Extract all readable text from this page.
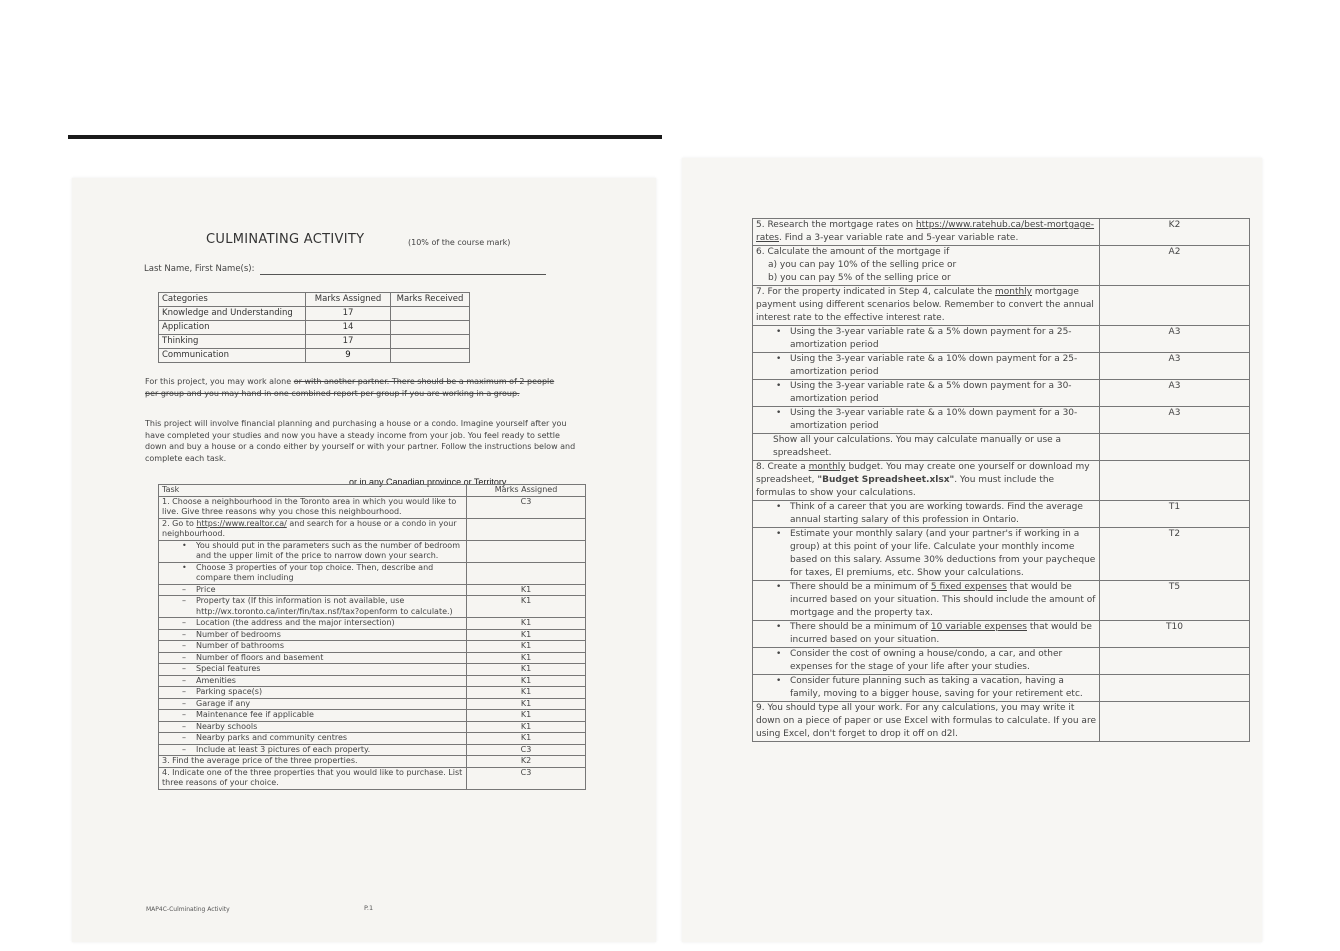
CULMINATING ACTIVITY	(10% of the course mark)
Last Name, First Name(s):
Categories	Marks Assigned	Marks Received
Knowledge and Understanding	17	
Application	14	
Thinking	17	
Communication	9	
For this project, you may work alone or with another partner. There should be a maximum of 2 people per group and you may hand in one combined report per group if you are working in a group.
This project will involve financial planning and purchasing a house or a condo. Imagine yourself after you have completed your studies and now you have a steady income from your job. You feel ready to settle down and buy a house or a condo either by yourself or with your partner. Follow the instructions below and complete each task.
or in any Canadian province or Territory
Task	Marks Assigned
1. Choose a neighbourhood in the Toronto area in which you would like to live. Give three reasons why you chose this neighbourhood.	C3
2. Go to https://www.realtor.ca/ and search for a house or a condo in your neighbourhood.	
• You should put in the parameters such as the number of bedroom and the upper limit of the price to narrow down your search.	
• Choose 3 properties of your top choice. Then, describe and compare them including	
– Price	K1
– Property tax (If this information is not available, use http://wx.toronto.ca/inter/fin/tax.nsf/tax?openform to calculate.)	K1
– Location (the address and the major intersection)	K1
– Number of bedrooms	K1
– Number of bathrooms	K1
– Number of floors and basement	K1
– Special features	K1
– Amenities	K1
– Parking space(s)	K1
– Garage if any	K1
– Maintenance fee if applicable	K1
– Nearby schools	K1
– Nearby parks and community centres	K1
– Include at least 3 pictures of each property.	C3
3. Find the average price of the three properties.	K2
4. Indicate one of the three properties that you would like to purchase. List three reasons of your choice.	C3
MAP4C-Culminating Activity	P.1
5. Research the mortgage rates on https://www.ratehub.ca/best-mortgage-rates. Find a 3-year variable rate and 5-year variable rate.	K2

6. Calculate the amount of the mortgage if
a) you can pay 10% of the selling price or
b) you can pay 5% of the selling price or	A2
7. For the property indicated in Step 4, calculate the monthly mortgage payment using different scenarios below. Remember to convert the annual interest rate to the effective interest rate.	
• Using the 3-year variable rate & a 5% down payment for a 25-amortization period	A3
• Using the 3-year variable rate & a 10% down payment for a 25-amortization period	A3
• Using the 3-year variable rate & a 5% down payment for a 30-amortization period	A3
• Using the 3-year variable rate & a 10% down payment for a 30-amortization period	A3
Show all your calculations. You may calculate manually or use a spreadsheet.	
8. Create a monthly budget. You may create one yourself or download my spreadsheet, "Budget Spreadsheet.xlsx". You must include the formulas to show your calculations.	
• Think of a career that you are working towards. Find the average annual starting salary of this profession in Ontario.	T1
• Estimate your monthly salary (and your partner's if working in a group) at this point of your life. Calculate your monthly income based on this salary. Assume 30% deductions from your paycheque for taxes, EI premiums, etc. Show your calculations.	T2
• There should be a minimum of 5 fixed expenses that would be incurred based on your situation. This should include the amount of mortgage and the property tax.	T5
• There should be a minimum of 10 variable expenses that would be incurred based on your situation.	T10
• Consider the cost of owning a house/condo, a car, and other expenses for the stage of your life after your studies.	
• Consider future planning such as taking a vacation, having a family, moving to a bigger house, saving for your retirement etc.	
9. You should type all your work. For any calculations, you may write it down on a piece of paper or use Excel with formulas to calculate. If you are using Excel, don't forget to drop it off on d2l.	
